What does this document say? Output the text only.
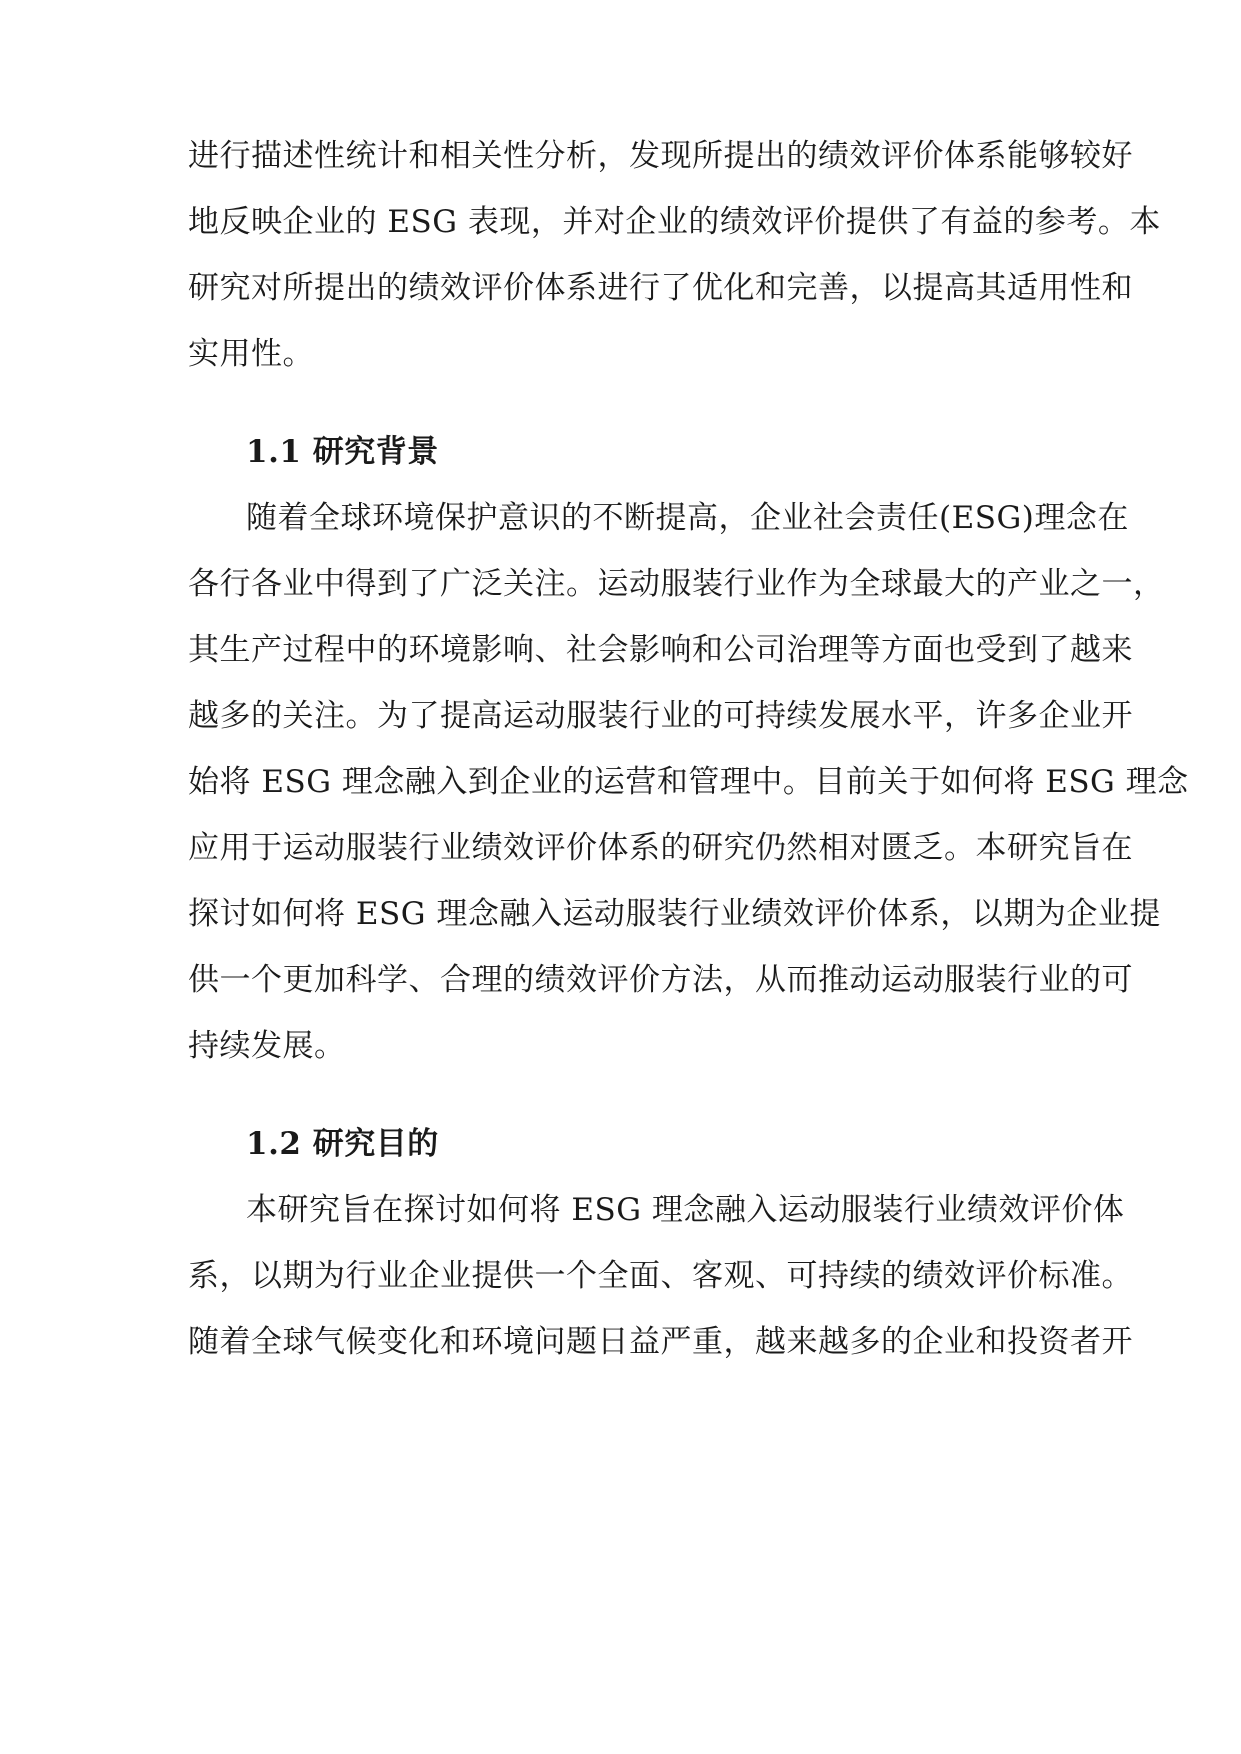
进行描述性统计和相关性分析，发现所提出的绩效评价体系能够较好
地反映企业的 ESG 表现，并对企业的绩效评价提供了有益的参考。本
研究对所提出的绩效评价体系进行了优化和完善，以提高其适用性和
实用性。
1.1 研究背景
随着全球环境保护意识的不断提高，企业社会责任(ESG)理念在
各行各业中得到了广泛关注。运动服装行业作为全球最大的产业之一，
其生产过程中的环境影响、社会影响和公司治理等方面也受到了越来
越多的关注。为了提高运动服装行业的可持续发展水平，许多企业开
始将 ESG 理念融入到企业的运营和管理中。目前关于如何将 ESG 理念
应用于运动服装行业绩效评价体系的研究仍然相对匮乏。本研究旨在
探讨如何将 ESG 理念融入运动服装行业绩效评价体系，以期为企业提
供一个更加科学、合理的绩效评价方法，从而推动运动服装行业的可
持续发展。
1.2 研究目的
本研究旨在探讨如何将 ESG 理念融入运动服装行业绩效评价体
系，以期为行业企业提供一个全面、客观、可持续的绩效评价标准。
随着全球气候变化和环境问题日益严重，越来越多的企业和投资者开
